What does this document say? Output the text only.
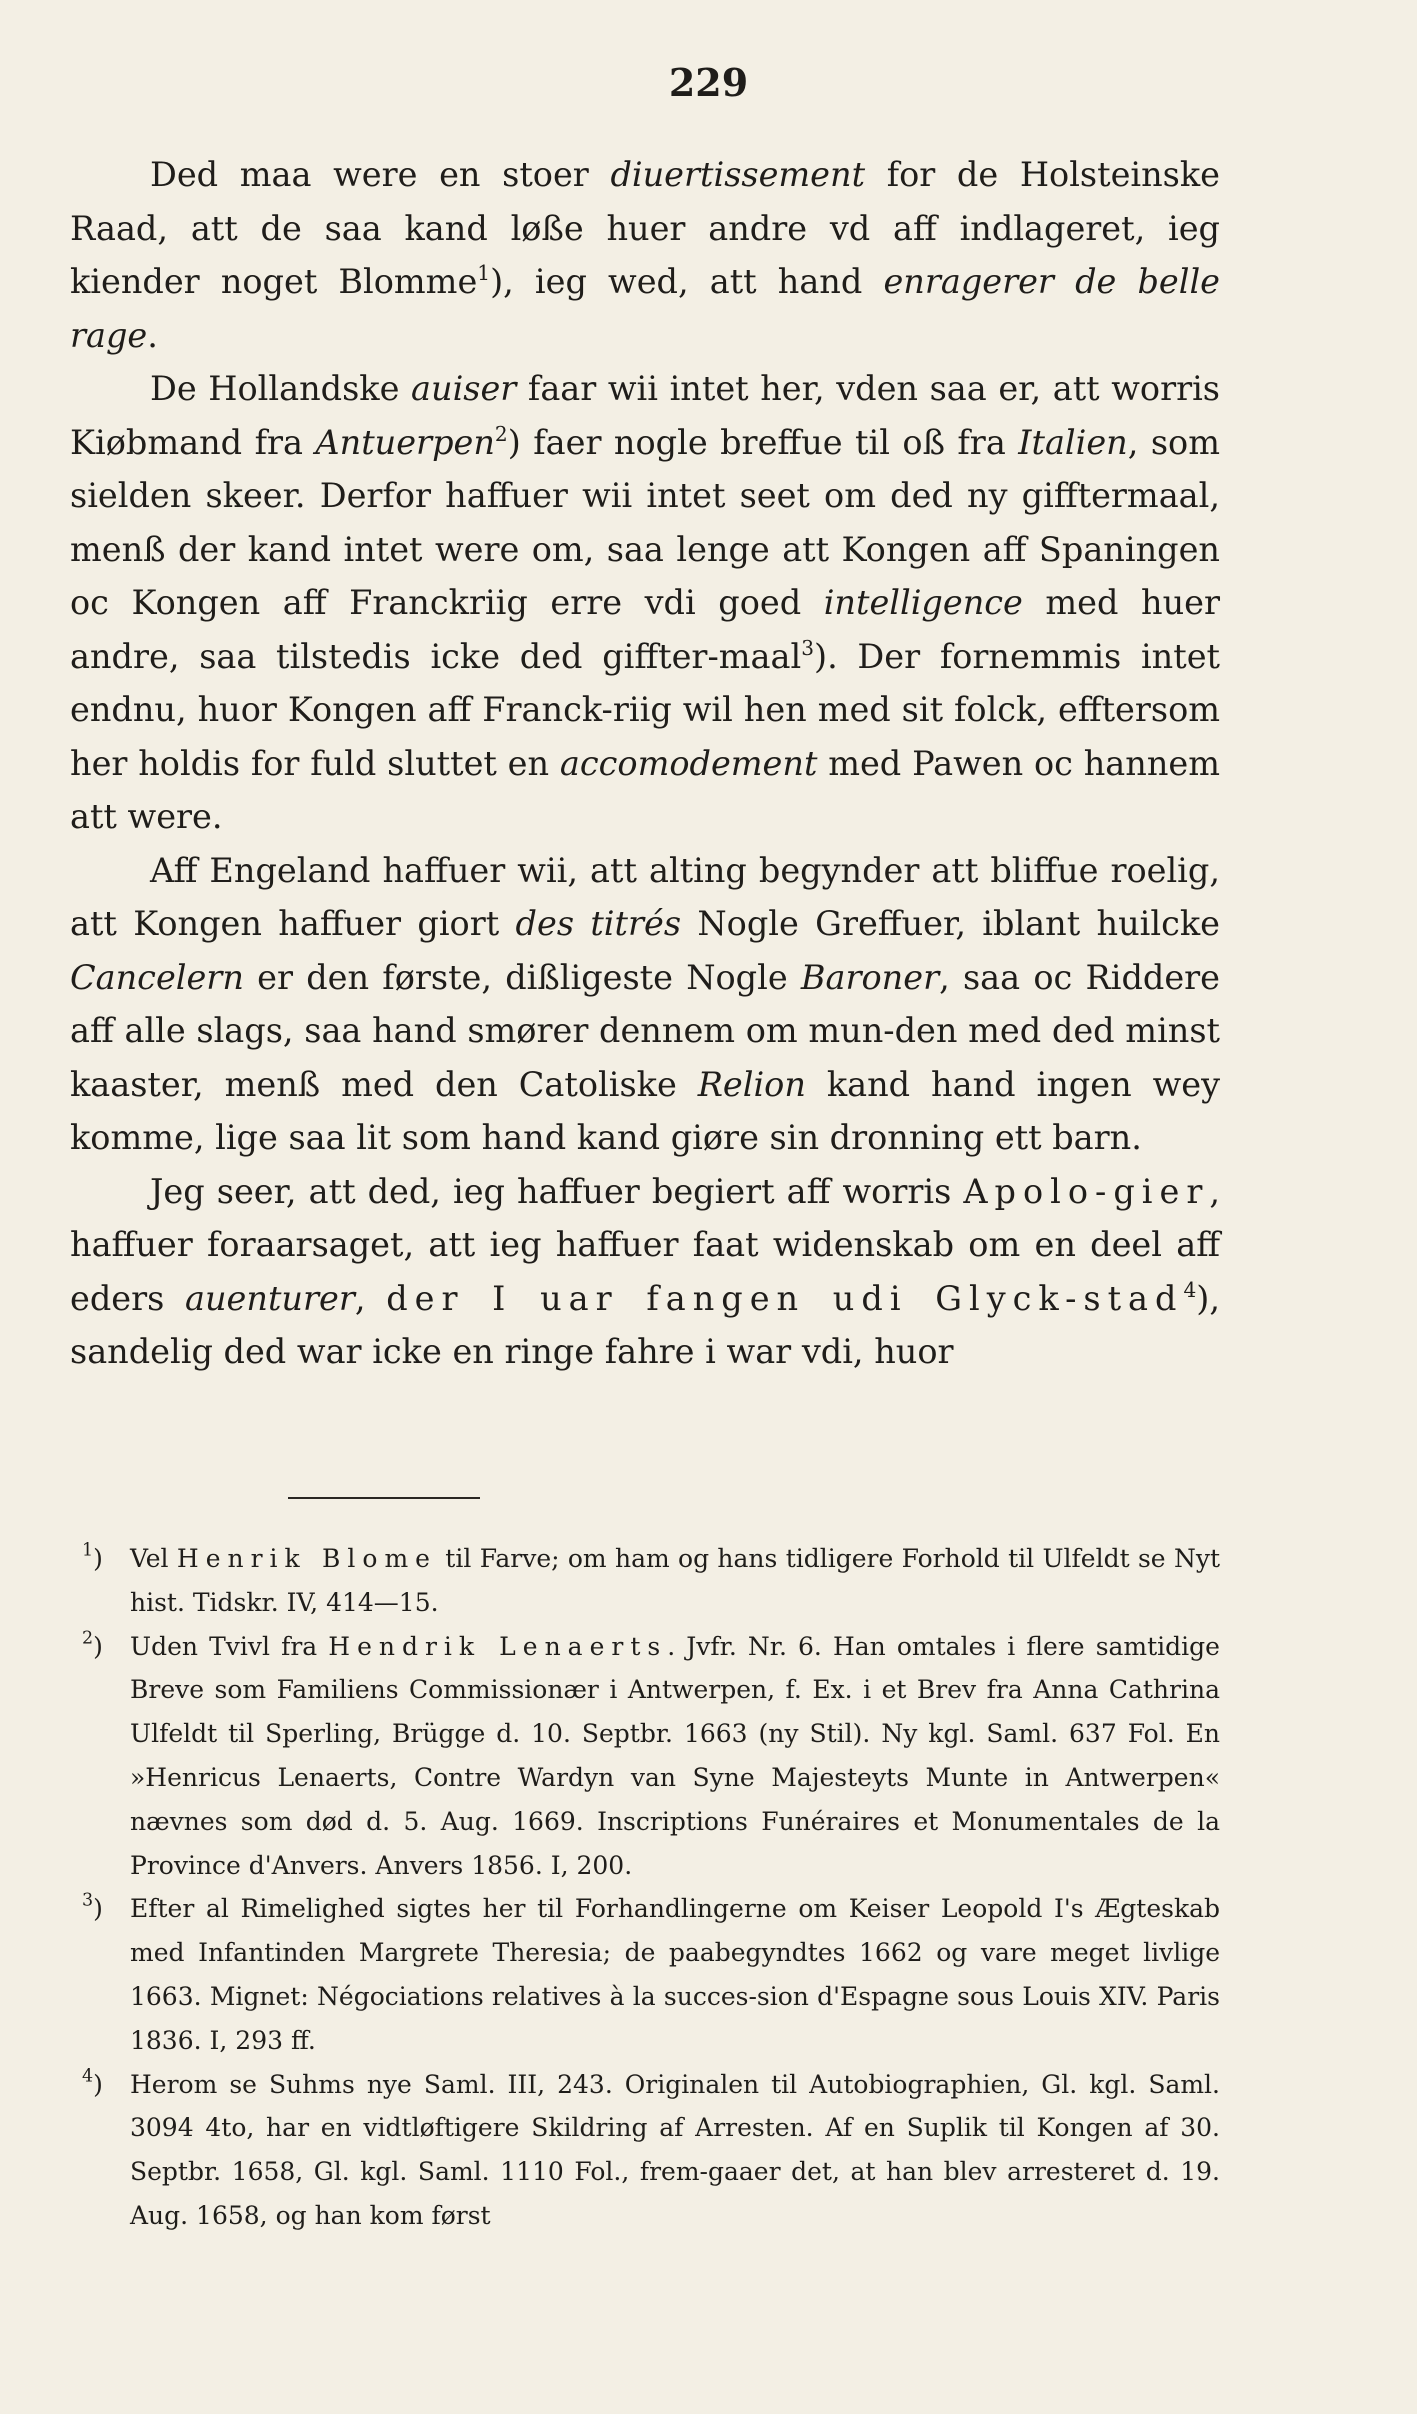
229

Ded maa were en stoer diuertissement for de Holsteinske Raad, att de saa kand løße huer andre vd aff indlageret, ieg kiender noget Blomme$^1$), ieg wed, att hand enragerer de belle rage.

De Hollandske auiser faar wii intet her, vden saa er, att worris Kiøbmand fra Antuerpen$^2$) faer nogle breffue til oß fra Italien, som sielden skeer. Derfor haffuer wii intet seet om ded ny gifftermaal, menß der kand intet were om, saa lenge att Kongen aff Spaningen oc Kongen aff Franckriig erre vdi goed intelligence med huer andre, saa tilstedis icke ded giffter-maal$^3$). Der fornemmis intet endnu, huor Kongen aff Franck-riig wil hen med sit folck, efftersom her holdis for fuld sluttet en accomodement med Pawen oc hannem att were.

Aff Engeland haffuer wii, att alting begynder att bliffue roelig, att Kongen haffuer giort des titrés Nogle Greffuer, iblant huilcke Cancelern er den første, dißligeste Nogle Baroner, saa oc Riddere aff alle slags, saa hand smører dennem om mun-den med ded minst kaaster, menß med den Catoliske Relion kand hand ingen wey komme, lige saa lit som hand kand giøre sin dronning ett barn.

Jeg seer, att ded, ieg haffuer begiert aff worris Apolo-gier, haffuer foraarsaget, att ieg haffuer faat widenskab om en deel aff eders auenturer, der I uar fangen udi Glyck-stad$^4$), sandelig ded war icke en ringe fahre i war vdi, huor

$^1$) Vel Henrik Blome til Farve; om ham og hans tidligere Forhold til Ulfeldt se Nyt hist. Tidskr. IV, 414—15.
$^2$) Uden Tvivl fra Hendrik Lenaerts. Jvfr. Nr. 6. Han omtales i flere samtidige Breve som Familiens Commissionær i Antwerpen, f. Ex. i et Brev fra Anna Cathrina Ulfeldt til Sperling, Brügge d. 10. Septbr. 1663 (ny Stil). Ny kgl. Saml. 637 Fol. En »Henricus Lenaerts, Contre Wardyn van Syne Majesteyts Munte in Antwerpen« nævnes som død d. 5. Aug. 1669. Inscriptions Funéraires et Monumentales de la Province d'Anvers. Anvers 1856. I, 200.
$^3$) Efter al Rimelighed sigtes her til Forhandlingerne om Keiser Leopold I's Ægteskab med Infantinden Margrete Theresia; de paabegyndtes 1662 og vare meget livlige 1663. Mignet: Négociations relatives à la succes-sion d'Espagne sous Louis XIV. Paris 1836. I, 293 ff.
$^4$) Herom se Suhms nye Saml. III, 243. Originalen til Autobiographien, Gl. kgl. Saml. 3094 4to, har en vidtløftigere Skildring af Arresten. Af en Suplik til Kongen af 30. Septbr. 1658, Gl. kgl. Saml. 1110 Fol., frem-gaaer det, at han blev arresteret d. 19. Aug. 1658, og han kom først
